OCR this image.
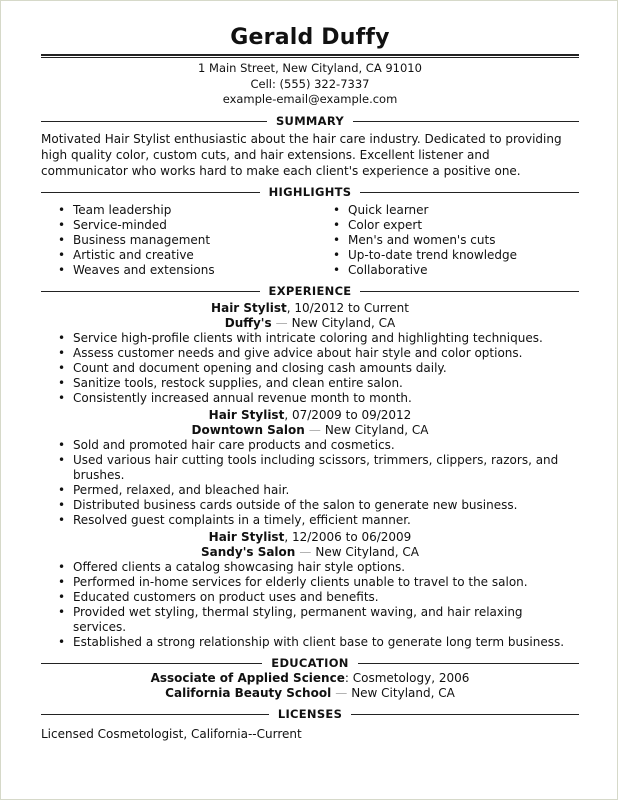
Gerald Duffy
1 Main Street, New Cityland, CA 91010
Cell: (555) 322-7337
example-email@example.com
SUMMARY
Motivated Hair Stylist enthusiastic about the hair care industry. Dedicated to providing high quality color, custom cuts, and hair extensions. Excellent listener and communicator who works hard to make each client's experience a positive one.
HIGHLIGHTS
• Team leadership
• Service-minded
• Business management
• Artistic and creative
• Weaves and extensions
• Quick learner
• Color expert
• Men's and women's cuts
• Up-to-date trend knowledge
• Collaborative
EXPERIENCE
Hair Stylist, 10/2012 to Current
Duffy's — New Cityland, CA
• Service high-profile clients with intricate coloring and highlighting techniques.
• Assess customer needs and give advice about hair style and color options.
• Count and document opening and closing cash amounts daily.
• Sanitize tools, restock supplies, and clean entire salon.
• Consistently increased annual revenue month to month.
Hair Stylist, 07/2009 to 09/2012
Downtown Salon — New Cityland, CA
• Sold and promoted hair care products and cosmetics.
• Used various hair cutting tools including scissors, trimmers, clippers, razors, and brushes.
• Permed, relaxed, and bleached hair.
• Distributed business cards outside of the salon to generate new business.
• Resolved guest complaints in a timely, efficient manner.
Hair Stylist, 12/2006 to 06/2009
Sandy's Salon — New Cityland, CA
• Offered clients a catalog showcasing hair style options.
• Performed in-home services for elderly clients unable to travel to the salon.
• Educated customers on product uses and benefits.
• Provided wet styling, thermal styling, permanent waving, and hair relaxing services.
• Established a strong relationship with client base to generate long term business.
EDUCATION
Associate of Applied Science: Cosmetology, 2006
California Beauty School — New Cityland, CA
LICENSES
Licensed Cosmetologist, California--Current
